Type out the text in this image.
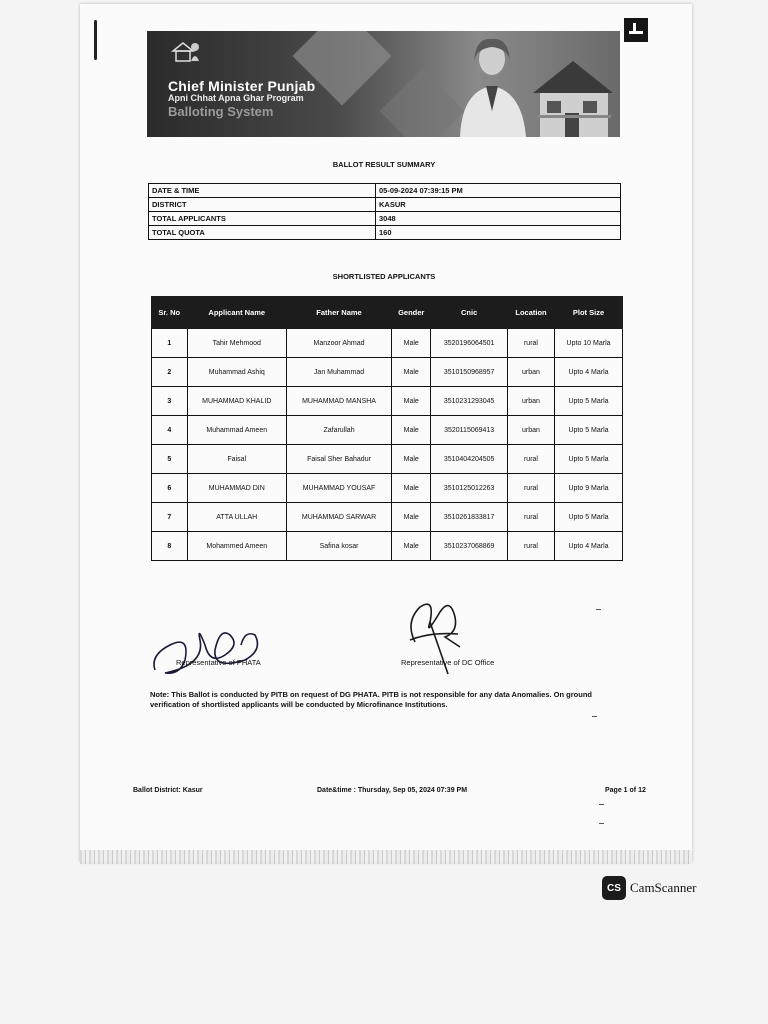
Chief Minister Punjab
Apni Chhat Apna Ghar Program
Balloting System
BALLOT RESULT SUMMARY
DATE & TIME	05-09-2024 07:39:15 PM
DISTRICT	KASUR
TOTAL APPLICANTS	3048
TOTAL QUOTA	160
SHORTLISTED APPLICANTS
Sr. No	Applicant Name	Father Name	Gender	Cnic	Location	Plot Size
1	Tahir Mehmood	Manzoor Ahmad	Male	3520196064501	rural	Upto 10 Marla
2	Muhammad Ashiq	Jan Muhammad	Male	3510150968957	urban	Upto 4 Marla
3	MUHAMMAD KHALID	MUHAMMAD MANSHA	Male	3510231293045	urban	Upto 5 Marla
4	Muhammad Ameen	Zafarullah	Male	3520115069413	urban	Upto 5 Marla
5	Faisal	Faisal Sher Bahadur	Male	3510404204505	rural	Upto 5 Marla
6	MUHAMMAD DIN	MUHAMMAD YOUSAF	Male	3510125012263	rural	Upto 9 Marla
7	ATTA ULLAH	MUHAMMAD SARWAR	Male	3510261833817	rural	Upto 5 Marla
8	Mohammed Ameen	Safina kosar	Male	3510237068869	rural	Upto 4 Marla
Representative of PHATA	Representative of DC Office
Note: This Ballot is conducted by PITB on request of DG PHATA. PITB is not responsible for any data Anomalies. On ground verification of shortlisted applicants will be conducted by Microfinance Institutions.
Ballot District: Kasur	Date&time : Thursday, Sep 05, 2024 07:39 PM	Page 1 of 12
CS CamScanner
